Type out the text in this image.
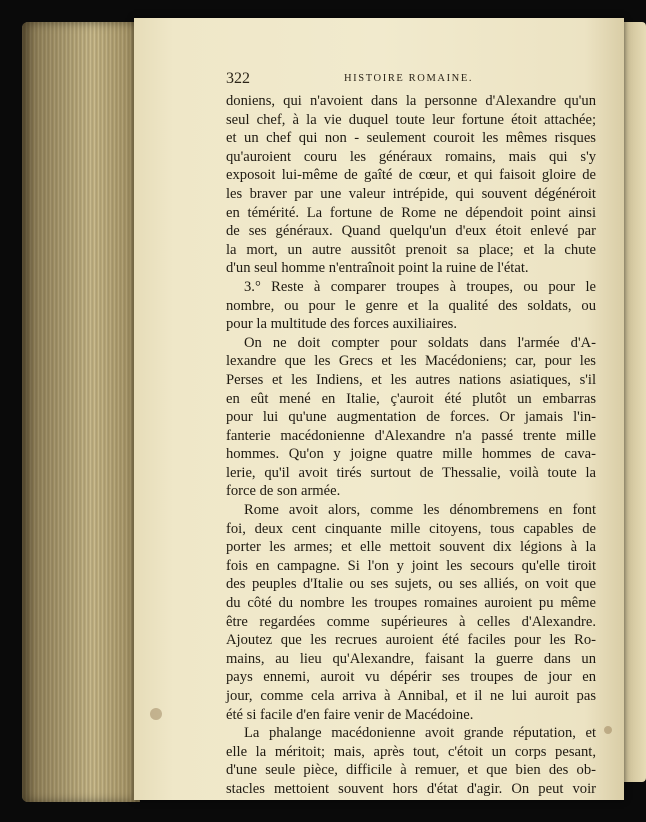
322	HISTOIRE ROMAINE.
doniens, qui n'avoient dans la personne d'Alexandre qu'un
seul chef, à la vie duquel toute leur fortune étoit attachée;
et un chef qui non - seulement couroit les mêmes risques
qu'auroient couru les généraux romains, mais qui s'y
exposoit lui-même de gaîté de cœur, et qui faisoit gloire de
les braver par une valeur intrépide, qui souvent dégénéroit
en témérité. La fortune de Rome ne dépendoit point ainsi
de ses généraux. Quand quelqu'un d'eux étoit enlevé par
la mort, un autre aussitôt prenoit sa place; et la chute
d'un seul homme n'entraînoit point la ruine de l'état.
3.° Reste à comparer troupes à troupes, ou pour le
nombre, ou pour le genre et la qualité des soldats, ou
pour la multitude des forces auxiliaires.
On ne doit compter pour soldats dans l'armée d'A-
lexandre que les Grecs et les Macédoniens; car, pour les
Perses et les Indiens, et les autres nations asiatiques, s'il
en eût mené en Italie, ç'auroit été plutôt un embarras
pour lui qu'une augmentation de forces. Or jamais l'in-
fanterie macédonienne d'Alexandre n'a passé trente mille
hommes. Qu'on y joigne quatre mille hommes de cava-
lerie, qu'il avoit tirés surtout de Thessalie, voilà toute la
force de son armée.
Rome avoit alors, comme les dénombremens en font
foi, deux cent cinquante mille citoyens, tous capables de
porter les armes; et elle mettoit souvent dix légions à la
fois en campagne. Si l'on y joint les secours qu'elle tiroit
des peuples d'Italie ou ses sujets, ou ses alliés, on voit que
du côté du nombre les troupes romaines auroient pu même
être regardées comme supérieures à celles d'Alexandre.
Ajoutez que les recrues auroient été faciles pour les Ro-
mains, au lieu qu'Alexandre, faisant la guerre dans un
pays ennemi, auroit vu dépérir ses troupes de jour en
jour, comme cela arriva à Annibal, et il ne lui auroit pas
été si facile d'en faire venir de Macédoine.
La phalange macédonienne avoit grande réputation, et
elle la méritoit; mais, après tout, c'étoit un corps pesant,
d'une seule pièce, difficile à remuer, et que bien des ob-
stacles mettoient souvent hors d'état d'agir. On peut voir
